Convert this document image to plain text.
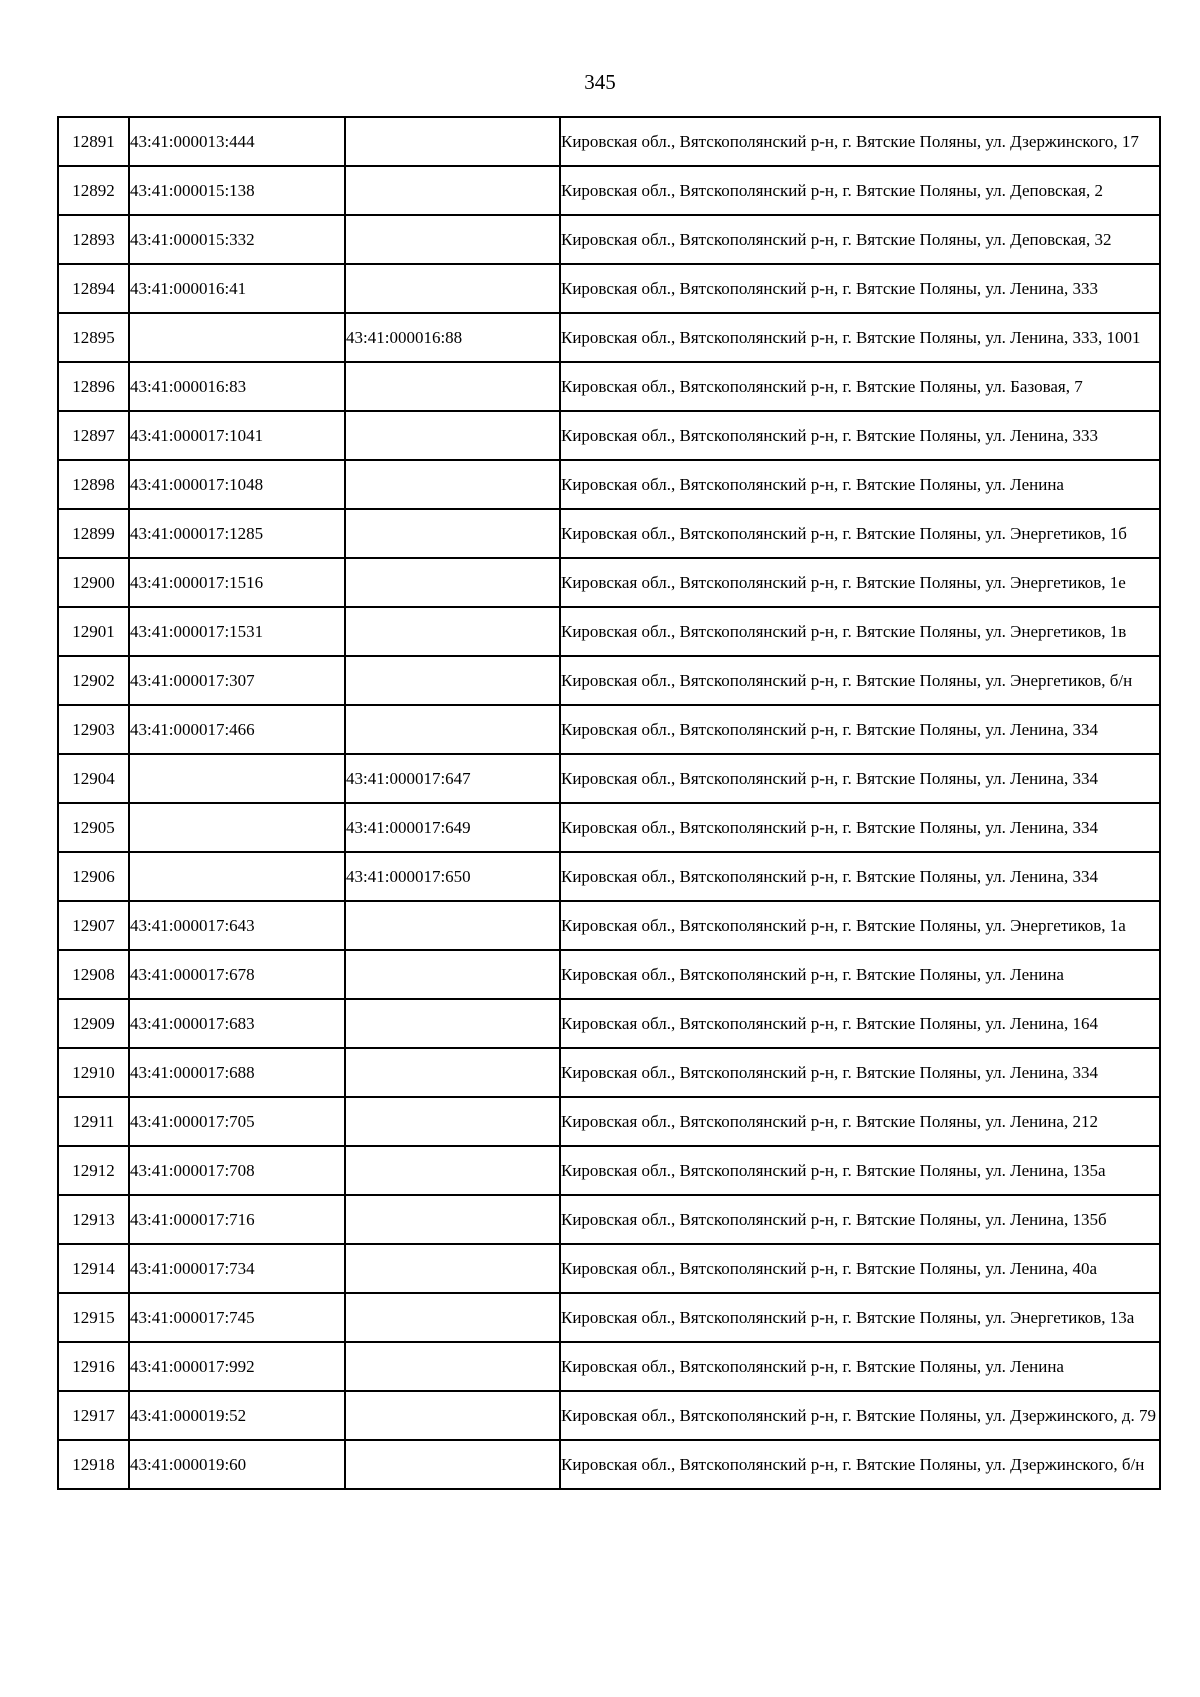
345
12891	43:41:000013:444		Кировская обл., Вятскополянский р-н, г. Вятские Поляны, ул. Дзержинского, 17
12892	43:41:000015:138		Кировская обл., Вятскополянский р-н, г. Вятские Поляны, ул. Деповская, 2
12893	43:41:000015:332		Кировская обл., Вятскополянский р-н, г. Вятские Поляны, ул. Деповская, 32
12894	43:41:000016:41		Кировская обл., Вятскополянский р-н, г. Вятские Поляны, ул. Ленина, 333
12895		43:41:000016:88	Кировская обл., Вятскополянский р-н, г. Вятские Поляны, ул. Ленина, 333, 1001
12896	43:41:000016:83		Кировская обл., Вятскополянский р-н, г. Вятские Поляны, ул. Базовая, 7
12897	43:41:000017:1041		Кировская обл., Вятскополянский р-н, г. Вятские Поляны, ул. Ленина, 333
12898	43:41:000017:1048		Кировская обл., Вятскополянский р-н, г. Вятские Поляны, ул. Ленина
12899	43:41:000017:1285		Кировская обл., Вятскополянский р-н, г. Вятские Поляны, ул. Энергетиков, 1б
12900	43:41:000017:1516		Кировская обл., Вятскополянский р-н, г. Вятские Поляны, ул. Энергетиков, 1е
12901	43:41:000017:1531		Кировская обл., Вятскополянский р-н, г. Вятские Поляны, ул. Энергетиков, 1в
12902	43:41:000017:307		Кировская обл., Вятскополянский р-н, г. Вятские Поляны, ул. Энергетиков, б/н
12903	43:41:000017:466		Кировская обл., Вятскополянский р-н, г. Вятские Поляны, ул. Ленина, 334
12904		43:41:000017:647	Кировская обл., Вятскополянский р-н, г. Вятские Поляны, ул. Ленина, 334
12905		43:41:000017:649	Кировская обл., Вятскополянский р-н, г. Вятские Поляны, ул. Ленина, 334
12906		43:41:000017:650	Кировская обл., Вятскополянский р-н, г. Вятские Поляны, ул. Ленина, 334
12907	43:41:000017:643		Кировская обл., Вятскополянский р-н, г. Вятские Поляны, ул. Энергетиков, 1а
12908	43:41:000017:678		Кировская обл., Вятскополянский р-н, г. Вятские Поляны, ул. Ленина
12909	43:41:000017:683		Кировская обл., Вятскополянский р-н, г. Вятские Поляны, ул. Ленина, 164
12910	43:41:000017:688		Кировская обл., Вятскополянский р-н, г. Вятские Поляны, ул. Ленина, 334
12911	43:41:000017:705		Кировская обл., Вятскополянский р-н, г. Вятские Поляны, ул. Ленина, 212
12912	43:41:000017:708		Кировская обл., Вятскополянский р-н, г. Вятские Поляны, ул. Ленина, 135а
12913	43:41:000017:716		Кировская обл., Вятскополянский р-н, г. Вятские Поляны, ул. Ленина, 135б
12914	43:41:000017:734		Кировская обл., Вятскополянский р-н, г. Вятские Поляны, ул. Ленина, 40а
12915	43:41:000017:745		Кировская обл., Вятскополянский р-н, г. Вятские Поляны, ул. Энергетиков, 13а
12916	43:41:000017:992		Кировская обл., Вятскополянский р-н, г. Вятские Поляны, ул. Ленина
12917	43:41:000019:52		Кировская обл., Вятскополянский р-н, г. Вятские Поляны, ул. Дзержинского, д. 79
12918	43:41:000019:60		Кировская обл., Вятскополянский р-н, г. Вятские Поляны, ул. Дзержинского, б/н
